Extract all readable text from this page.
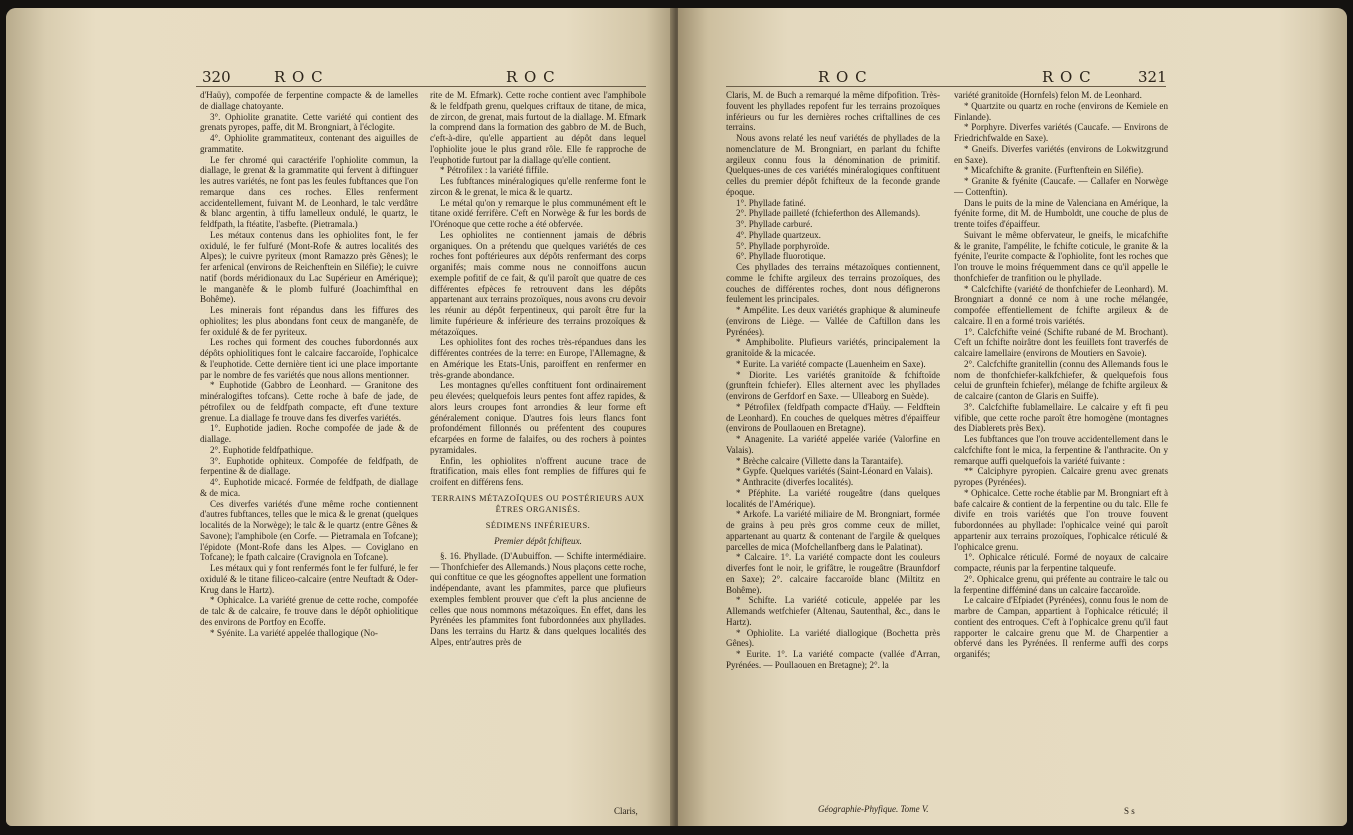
320	R O C	R O C

d'Haüy), compofée de ferpentine compacte & de lamelles de diallage chatoyante.

3°. Ophiolite granatite. Cette variété qui contient des grenats pyropes, paffe, dit M. Brongniart, à l'éclogite.

4°. Ophiolite grammatiteux, contenant des aiguilles de grammatite.

Le fer chromé qui caractérife l'ophiolite commun, la diallage, le grenat & la grammatite qui fervent à diftinguer les autres variétés, ne font pas les feules fubftances que l'on remarque dans ces roches. Elles renferment accidentellement, fuivant M. de Leonhard, le talc verdâtre & blanc argentin, à tiffu lamelleux ondulé, le quartz, le feldfpath, la ftéatite, l'asbefte. (Pietramala.)

Les métaux contenus dans les ophiolites font, le fer oxidulé, le fer fulfuré (Mont-Rofe & autres localités des Alpes); le cuivre pyriteux (mont Ramazzo près Gênes); le fer arfenical (environs de Reichenftein en Siléfie); le cuivre natif (bords méridionaux du Lac Supérieur en Amérique); le manganèfe & le plomb fulfuré (Joachimfthal en Bohême).

Les minerais font répandus dans les fiffures des ophiolites; les plus abondans font ceux de manganèfe, de fer oxidulé & de fer pyriteux.

Les roches qui forment des couches fubordonnés aux dépôts ophiolitiques font le calcaire faccaroïde, l'ophicalce & l'euphotide. Cette dernière tient ici une place importante par le nombre de fes variétés que nous allons mentionner.

* Euphotide (Gabbro de Leonhard. — Granitone des minéralogiftes tofcans). Cette roche à bafe de jade, de pétrofilex ou de feldfpath compacte, eft d'une texture grenue. La diallage fe trouve dans fes diverfes variétés.

1°. Euphotide jadien. Roche compofée de jade & de diallage.

2°. Euphotide feldfpathique.

3°. Euphotide ophiteux. Compofée de feldfpath, de ferpentine & de diallage.

4°. Euphotide micacé. Formée de feldfpath, de diallage & de mica.

Ces diverfes variétés d'une même roche contiennent d'autres fubftances, telles que le mica & le grenat (quelques localités de la Norwège); le talc & le quartz (entre Gênes & Savone); l'amphibole (en Corfe. — Pietramala en Tofcane); l'épidote (Mont-Rofe dans les Alpes. — Coviglano en Tofcane); le fpath calcaire (Cravignola en Tofcane).

Les métaux qui y font renfermés font le fer fulfuré, le fer oxidulé & le titane filiceo-calcaire (entre Neuftadt & Oder-Krug dans le Hartz).

* Ophicalce. La variété grenue de cette roche, compofée de talc & de calcaire, fe trouve dans le dépôt ophiolitique des environs de Portfoy en Ecoffe.

* Syénite. La variété appelée thallogique (No-

rite de M. Efmark). Cette roche contient avec l'amphibole & le feldfpath grenu, quelques criftaux de titane, de mica, de zircon, de grenat, mais furtout de la diallage. M. Efmark la comprend dans la formation des gabbro de M. de Buch, c'eft-à-dire, qu'elle appartient au dépôt dans lequel l'ophiolite joue le plus grand rôle. Elle fe rapproche de l'euphotide furtout par la diallage qu'elle contient.

* Pétrofilex : la variété fiffile.

Les fubftances minéralogiques qu'elle renferme font le zircon & le grenat, le mica & le quartz.

Le métal qu'on y remarque le plus communément eft le titane oxidé ferrifère. C'eft en Norwège & fur les bords de l'Orénoque que cette roche a été obfervée.

Les ophiolites ne contiennent jamais de débris organiques. On a prétendu que quelques variétés de ces roches font poftérieures aux dépôts renfermant des corps organifés; mais comme nous ne connoiffons aucun exemple pofitif de ce fait, & qu'il paroît que quatre de ces différentes efpèces fe retrouvent dans les dépôts appartenant aux terrains prozoïques, nous avons cru devoir les réunir au dépôt ferpentineux, qui paroît être fur la limite fupérieure & inférieure des terrains prozoïques & métazoïques.

Les ophiolites font des roches très-répandues dans les différentes contrées de la terre: en Europe, l'Allemagne, & en Amérique les Etats-Unis, paroiffent en renfermer en très-grande abondance.

Les montagnes qu'elles conftituent font ordinairement peu élevées; quelquefois leurs pentes font affez rapides, & alors leurs croupes font arrondies & leur forme eft généralement conique. D'autres fois leurs flancs font profondément fillonnés ou préfentent des coupures efcarpées en forme de falaifes, ou des rochers à pointes pyramidales.

Enfin, les ophiolites n'offrent aucune trace de ftratification, mais elles font remplies de fiffures qui fe croifent en différens fens.

TERRAINS MÉTAZOÏQUES OU POSTÉRIEURS AUX ÊTRES ORGANISÉS.

SÉDIMENS INFÉRIEURS.

Premier dépôt fchifteux.

§. 16. Phyllade. (D'Aubuiffon. — Schifte intermédiaire. — Thonfchiefer des Allemands.) Nous plaçons cette roche, qui conftitue ce que les géognoftes appellent une formation indépendante, avant les pfammites, parce que plufieurs exemples femblent prouver que c'eft la plus ancienne de celles que nous nommons métazoïques. En effet, dans les Pyrénées les pfammites font fubordonnées aux phyllades. Dans les terrains du Hartz & dans quelques localités des Alpes, entr'autres près de

Claris,
R O C	R O C	321

Claris, M. de Buch a remarqué la même difpofition. Très-fouvent les phyllades repofent fur les terrains prozoïques inférieurs ou fur les dernières roches criftallines de ces terrains.

Nous avons relaté les neuf variétés de phyllades de la nomenclature de M. Brongniart, en parlant du fchifte argileux connu fous la dénomination de primitif. Quelques-unes de ces variétés minéralogiques conftituent celles du premier dépôt fchifteux de la feconde grande époque.

1°. Phyllade fatiné.

2°. Phyllade pailleté (fchieferthon des Allemands).

3°. Phyllade carburé.

4°. Phyllade quartzeux.

5°. Phyllade porphyroïde.

6°. Phyllade fluorotique.

Ces phyllades des terrains métazoïques contiennent, comme le fchifte argileux des terrains prozoïques, des couches de différentes roches, dont nous défignerons feulement les principales.

* Ampélite. Les deux variétés graphique & alumineufe (environs de Liège. — Vallée de Caftillon dans les Pyrénées).

* Amphibolite. Plufieurs variétés, principalement la granitoïde & la micacée.

* Eurite. La variété compacte (Lauenheim en Saxe).

* Diorite. Les variétés granitoïde & fchiftoïde (grunftein fchiefer). Elles alternent avec les phyllades (environs de Gerfdorf en Saxe. — Ulleaborg en Suède).

* Pétrofilex (feldfpath compacte d'Haüy. — Feldftein de Leonhard). En couches de quelques mètres d'épaiffeur (environs de Poullaouen en Bretagne).

* Anagenite. La variété appelée variée (Valorfine en Valais).

* Brèche calcaire (Villette dans la Tarantaife).

* Gypfe. Quelques variétés (Saint-Léonard en Valais).

* Anthracite (diverfes localités).

* Pféphite. La variété rougeâtre (dans quelques localités de l'Amérique).

* Arkofe. La variété miliaire de M. Brongniart, formée de grains à peu près gros comme ceux de millet, appartenant au quartz & contenant de l'argile & quelques parcelles de mica (Mofchellanfberg dans le Palatinat).

* Calcaire. 1°. La variété compacte dont les couleurs diverfes font le noir, le grifâtre, le rougeâtre (Braunfdorf en Saxe); 2°. calcaire faccaroïde blanc (Miltitz en Bohême).

* Schifte. La variété coticule, appelée par les Allemands wetfchiefer (Altenau, Sautenthal, &c., dans le Hartz).

* Ophiolite. La variété diallogique (Bochetta près Gênes).

* Eurite. 1°. La variété compacte (vallée d'Arran, Pyrénées. — Poullaouen en Bretagne); 2°. la

Géographie-Phyfique. Tome V.

variété granitoïde (Hornfels) felon M. de Leonhard.

* Quartzite ou quartz en roche (environs de Kemiele en Finlande).

* Porphyre. Diverfes variétés (Caucafe. — Environs de Friedrichfwalde en Saxe).

* Gneifs. Diverfes variétés (environs de Lokwitzgrund en Saxe).

* Micafchifte & granite. (Furftenftein en Siléfie).

* Granite & fyénite (Caucafe. — Callafer en Norwège — Cottenftin).

Dans le puits de la mine de Valenciana en Amérique, la fyénite forme, dit M. de Humboldt, une couche de plus de trente toifes d'épaiffeur.

Suivant le même obfervateur, le gneifs, le micafchifte & le granite, l'ampélite, le fchifte coticule, le granite & la fyénite, l'eurite compacte & l'ophiolite, font les roches que l'on trouve le moins fréquemment dans ce qu'il appelle le thonfchiefer de tranfition ou le phyllade.

* Calcfchifte (variété de thonfchiefer de Leonhard). M. Brongniart a donné ce nom à une roche mélangée, compofée effentiellement de fchifte argileux & de calcaire. Il en a formé trois variétés.

1°. Calcfchifte veiné (Schifte rubané de M. Brochant). C'eft un fchifte noirâtre dont les feuillets font traverfés de calcaire lamellaire (environs de Moutiers en Savoie).

2°. Calcfchifte granitellin (connu des Allemands fous le nom de thonfchiefer-kalkfchiefer, & quelquefois fous celui de grunftein fchiefer), mélange de fchifte argileux & de calcaire (canton de Glaris en Suiffe).

3°. Calcfchifte fublamellaire. Le calcaire y eft fi peu vifible, que cette roche paroît être homogène (montagnes des Diablerets près Bex).

Les fubftances que l'on trouve accidentellement dans le calcfchifte font le mica, la ferpentine & l'anthracite. On y remarque auffi quelquefois la variété fuivante :

** Calciphyre pyropien. Calcaire grenu avec grenats pyropes (Pyrénées).

* Ophicalce. Cette roche établie par M. Brongniart eft à bafe calcaire & contient de la ferpentine ou du talc. Elle fe divife en trois variétés que l'on trouve fouvent fubordonnées au phyllade: l'ophicalce veiné qui paroît appartenir aux terrains prozoïques, l'ophicalce réticulé & l'ophicalce grenu.

1°. Ophicalce réticulé. Formé de noyaux de calcaire compacte, réunis par la ferpentine talqueufe.

2°. Ophicalce grenu, qui préfente au contraire le talc ou la ferpentine difféminé dans un calcaire faccaroïde.

Le calcaire d'Efpiadet (Pyrénées), connu fous le nom de marbre de Campan, appartient à l'ophicalce réticulé; il contient des entroques. C'eft à l'ophicalce grenu qu'il faut rapporter le calcaire grenu que M. de Charpentier a obfervé dans les Pyrénées. Il renferme auffi des corps organifés;

S s
